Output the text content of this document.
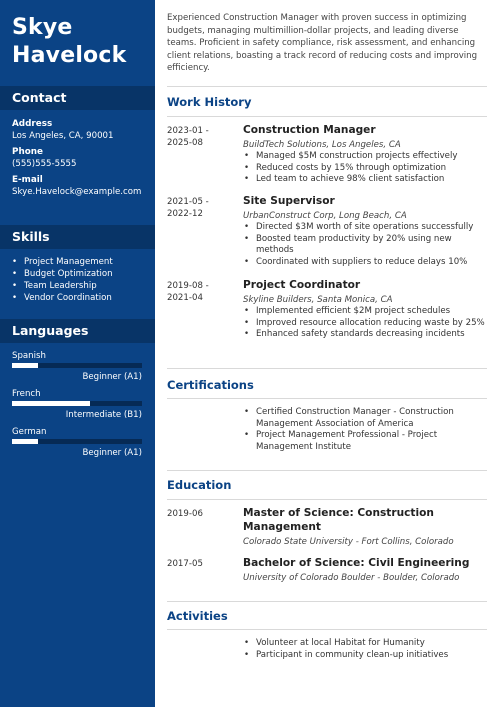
Skye
Havelock
Contact
Address
Los Angeles, CA, 90001
Phone
(555)555-5555
E-mail
Skye.Havelock@example.com
Skills
• Project Management
• Budget Optimization
• Team Leadership
• Vendor Coordination
Languages
Spanish
Beginner (A1)
French
Intermediate (B1)
German
Beginner (A1)
Experienced Construction Manager with proven success in optimizing budgets, managing multimillion-dollar projects, and leading diverse teams. Proficient in safety compliance, risk assessment, and enhancing client relations, boasting a track record of reducing costs and improving efficiency.
Work History
2023-01 -
2025-08
Construction Manager
BuildTech Solutions, Los Angeles, CA
• Managed $5M construction projects effectively
• Reduced costs by 15% through optimization
• Led team to achieve 98% client satisfaction
2021-05 -
2022-12
Site Supervisor
UrbanConstruct Corp, Long Beach, CA
• Directed $3M worth of site operations successfully
• Boosted team productivity by 20% using new methods
• Coordinated with suppliers to reduce delays 10%
2019-08 -
2021-04
Project Coordinator
Skyline Builders, Santa Monica, CA
• Implemented efficient $2M project schedules
• Improved resource allocation reducing waste by 25%
• Enhanced safety standards decreasing incidents
Certifications
• Certified Construction Manager - Construction Management Association of America
• Project Management Professional - Project Management Institute
Education
2019-06	Master of Science: Construction Management
Colorado State University - Fort Collins, Colorado
2017-05	Bachelor of Science: Civil Engineering
University of Colorado Boulder - Boulder, Colorado
Activities
• Volunteer at local Habitat for Humanity
• Participant in community clean-up initiatives
